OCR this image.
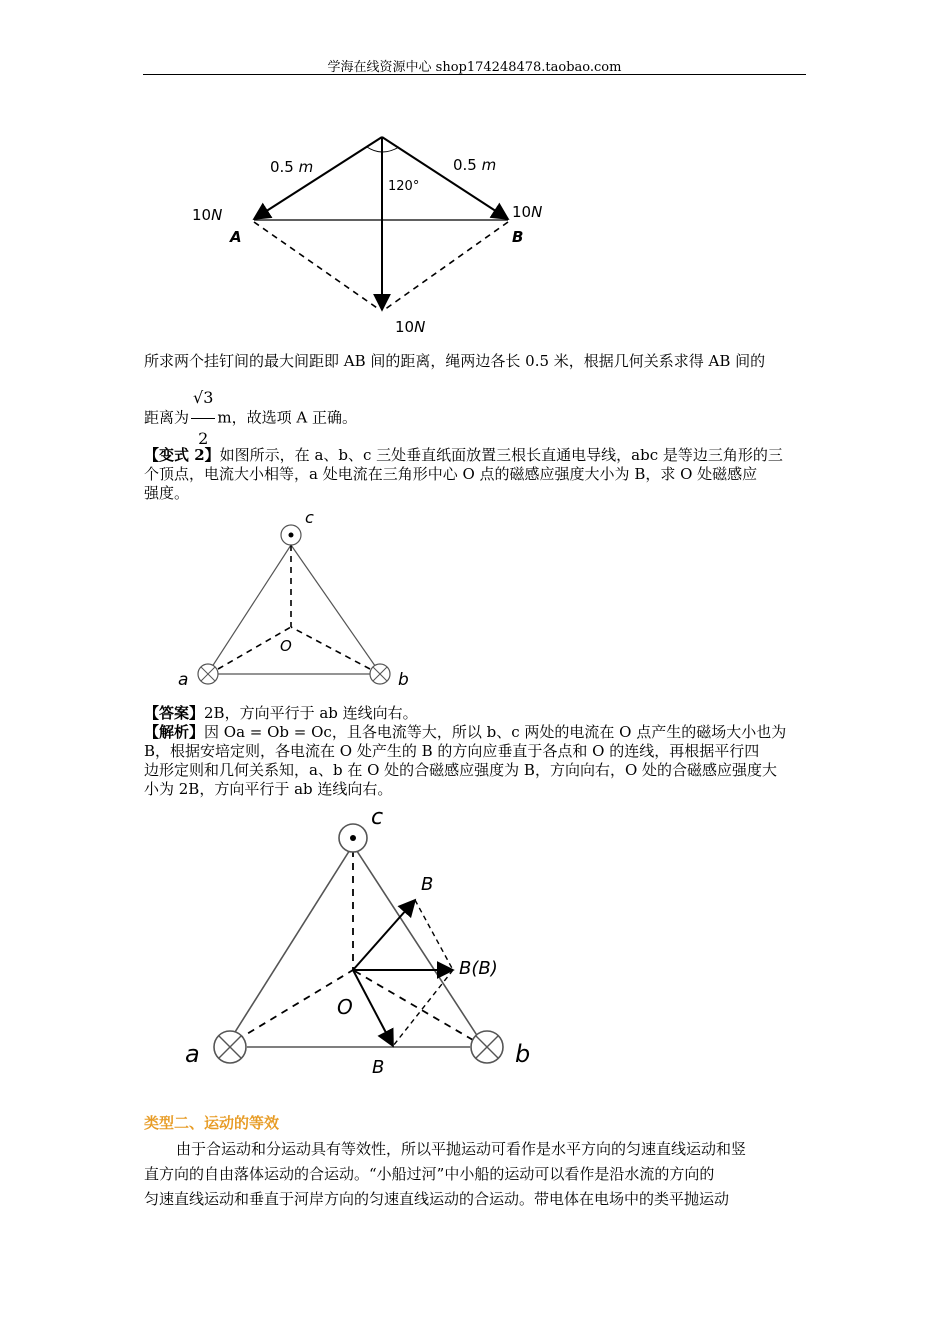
学海在线资源中心 shop174248478.taobao.com
0.5 m	0.5 m
120°
10N	10N
10N
A	B
所求两个挂钉间的最大间距即 AB 间的距离，绳两边各长 0.5 米，根据几何关系求得 AB 间的
距离为 $\frac{√3}{2}$ m，故选项 A 正确。
【变式 2】如图所示，在 a、b、c 三处垂直纸面放置三根长直通电导线，abc 是等边三角形的三
个顶点，电流大小相等，a 处电流在三角形中心 O 点的磁感应强度大小为 B，求 O 处磁感应
强度。
c
O
a	b
【答案】2B，方向平行于 ab 连线向右。
【解析】因 Oa = Ob = Oc，且各电流等大，所以 b、c 两处的电流在 O 点产生的磁场大小也为
B，根据安培定则，各电流在 O 处产生的 B 的方向应垂直于各点和 O 的连线，再根据平行四
边形定则和几何关系知，a、b 在 O 处的合磁感应强度为 B，方向向右，O 处的合磁感应强度大
小为 2B，方向平行于 ab 连线向右。
c
O
a	b
B
B(B)
B
类型二、运动的等效
由于合运动和分运动具有等效性，所以平抛运动可看作是水平方向的匀速直线运动和竖
直方向的自由落体运动的合运动。“小船过河”中小船的运动可以看作是沿水流的方向的
匀速直线运动和垂直于河岸方向的匀速直线运动的合运动。带电体在电场中的类平抛运动
